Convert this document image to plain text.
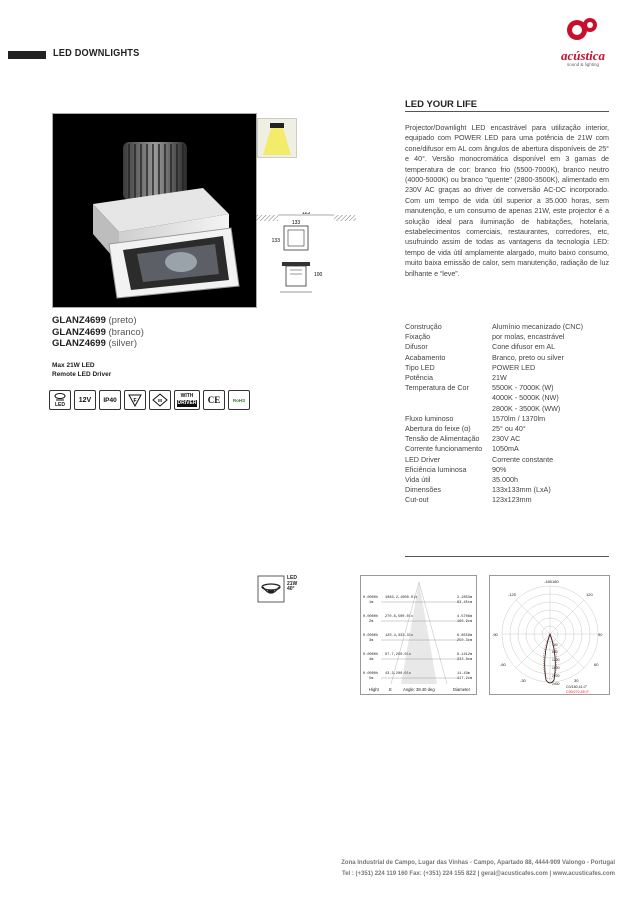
LED DOWNLIGHTS	acústica
sound & lighting
GLANZ4699 (preto)
GLANZ4699 (branco)
GLANZ4699 (silver)
Max 21W LED
Remote LED Driver
LED
12V	IP40	F	III
WITH
DRIVER	CE	RoHS
123
133
133
100
LED YOUR LIFE
Projector/Downlight LED encastrável para utilização interior, equipado com POWER LED para uma potência de 21W com cone/difusor em AL com ângulos de abertura disponíveis de 25° e 40°. Versão monocromática disponível em 3 gamas de temperatura de cor: branco frio (5500-7000K), branco neutro (4000-5000K) ou branco "quente" (2800-3500K), alimentado em 230V AC graças ao driver de conversão AC-DC incorporado. Com um tempo de vida útil superior a 35.000 horas, sem manutenção, e um consumo de apenas 21W, este projector é a solução ideal para iluminação de habitações, hotelaria, estabelecimentos comerciais, restaurantes, corredores, etc, usufruindo assim de todas as vantagens da tecnologia LED: tempo de vida útil amplamente alargado, muito baixo consumo, muito baixa emissão de calor, sem manutenção, radiação de luz brilhante e “leve”.
Construção	Alumínio mecanizado (CNC)
Fixação	por molas, encastrável
Difusor	Cone difusor em AL
Acabamento	Branco, preto ou silver
Tipo LED	POWER LED
Potência	21W
Temperatura de Cor	5500K - 7000K (W)
4000K - 5000K (NW)
2800K - 3500K (WW)
Fluxo luminoso	1570lm / 1370lm
Abertura do feixe (α)	25° ou 40°
Tensão de Alimentação	230V AC
Corrente funcionamento	1050mA
LED Driver	Corrente constante
Eficiência luminosa	90%
Vida útil	35.000h
Dimensões	133x133mm (LxA)
Cut-out	123x123mm
LED
21W
40°
0.0000h
1m
1083.2,1000.0lx	2.2853m
83.45cm
0.0000h
2m
270.8,500.0lx	4.5706m
166.9cm
0.0000h
3m
120.4,333.3lx	6.8559m
250.3cm
0.0000h
4m
67.7,250.0lx	9.1412m
333.8cm
0.0000h
5m
43.3,200.0lx	11.43m
417.2cm
Hight E	Angle: 38.40 deg	Diameter
-180 180
-120	120
-90	90
-60	60
-30	30
400
800
1200
1600
2000
2400
C0/180,41.0°
C90/270,45.0°
Zona Industrial de Campo, Lugar das Vinhas - Campo, Apartado 88, 4444-909 Valongo - Portugal
Tel : (+351) 224 119 160 Fax: (+351) 224 155 822 | geral@acusticafes.com | www.acusticafes.com
